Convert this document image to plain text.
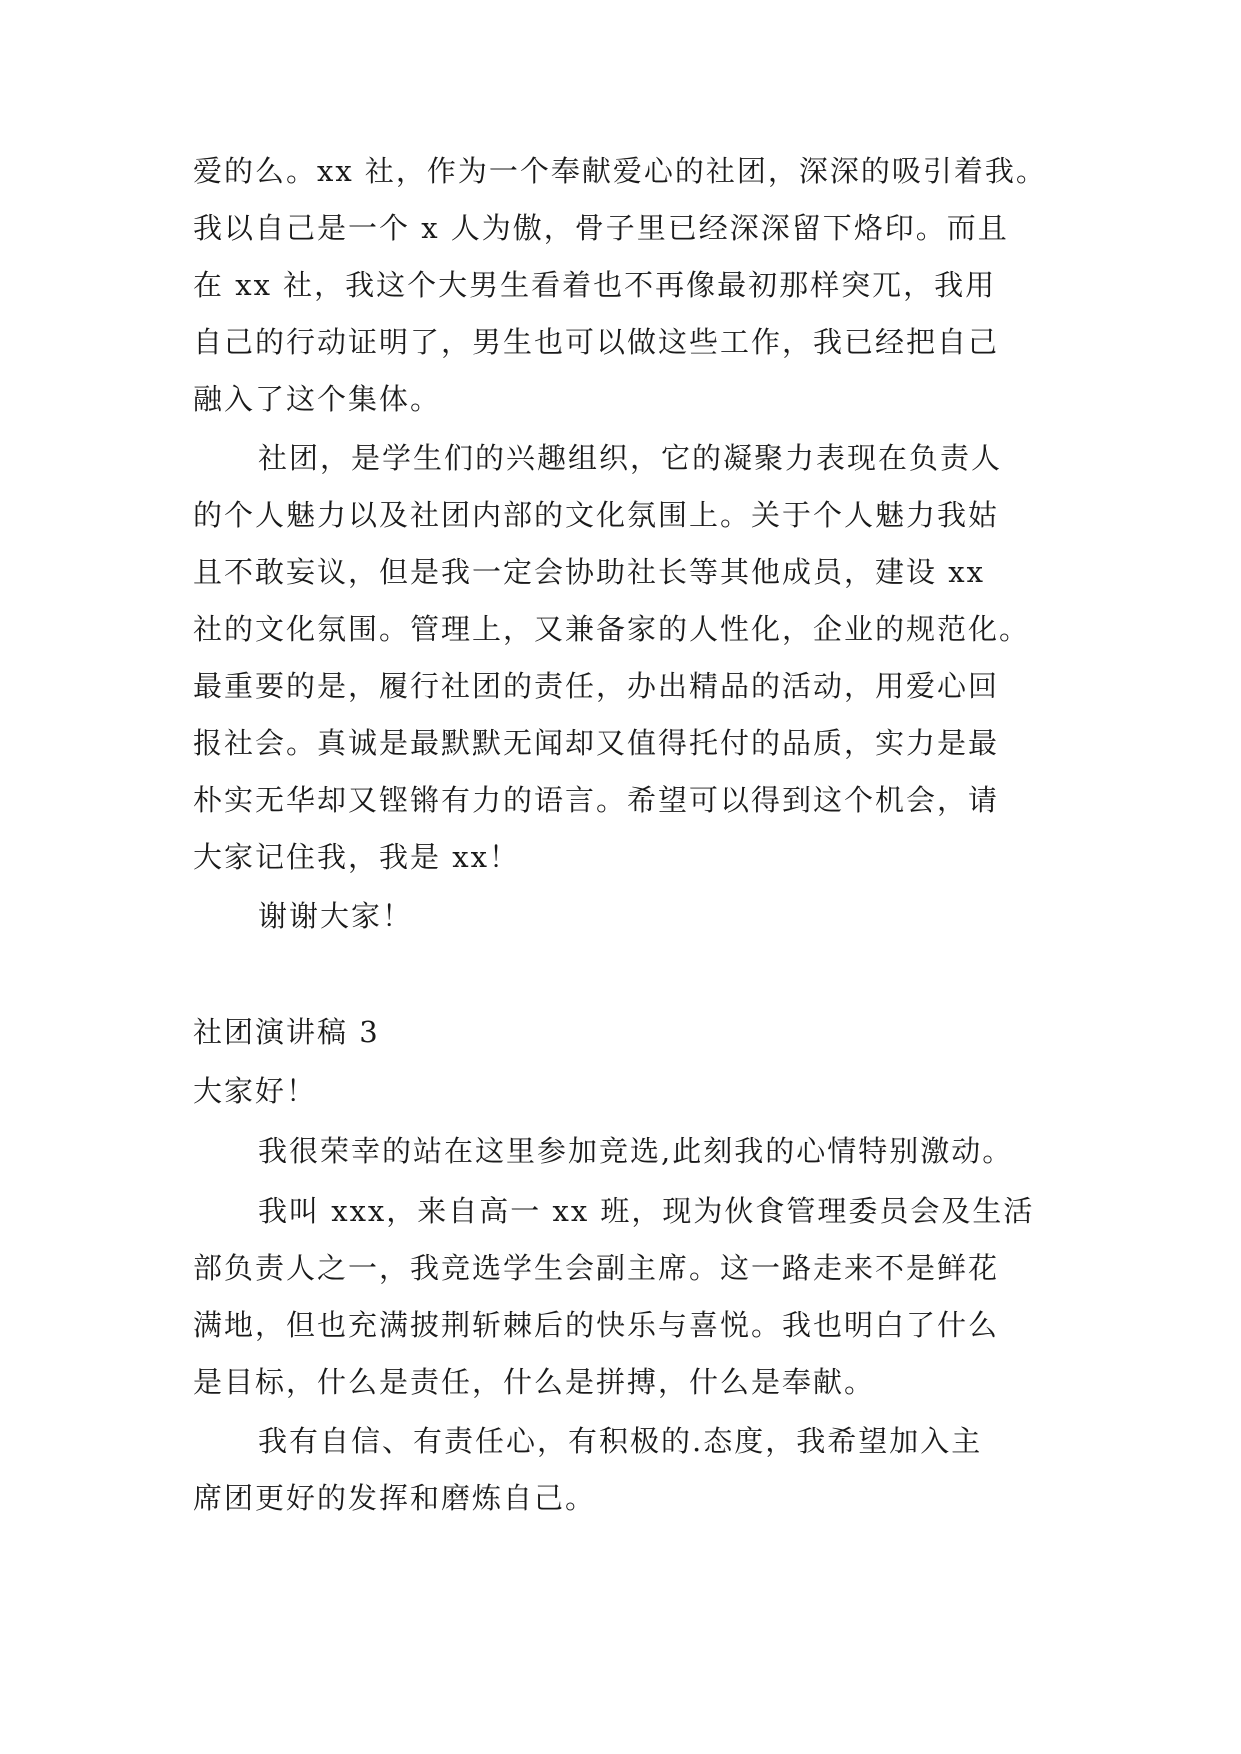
爱的么。xx 社，作为一个奉献爱心的社团，深深的吸引着我。
我以自己是一个 x 人为傲，骨子里已经深深留下烙印。而且
在 xx 社，我这个大男生看着也不再像最初那样突兀，我用
自己的行动证明了，男生也可以做这些工作，我已经把自己
融入了这个集体。
社团，是学生们的兴趣组织，它的凝聚力表现在负责人
的个人魅力以及社团内部的文化氛围上。关于个人魅力我姑
且不敢妄议，但是我一定会协助社长等其他成员，建设 xx
社的文化氛围。管理上，又兼备家的人性化，企业的规范化。
最重要的是，履行社团的责任，办出精品的活动，用爱心回
报社会。真诚是最默默无闻却又值得托付的品质，实力是最
朴实无华却又铿锵有力的语言。希望可以得到这个机会，请
大家记住我，我是 xx！
谢谢大家！
社团演讲稿 3
大家好！
我很荣幸的站在这里参加竞选,此刻我的心情特别激动。
我叫 xxx，来自高一 xx 班，现为伙食管理委员会及生活
部负责人之一，我竞选学生会副主席。这一路走来不是鲜花
满地，但也充满披荆斩棘后的快乐与喜悦。我也明白了什么
是目标，什么是责任，什么是拼搏，什么是奉献。
我有自信、有责任心，有积极的.态度，我希望加入主
席团更好的发挥和磨炼自己。
